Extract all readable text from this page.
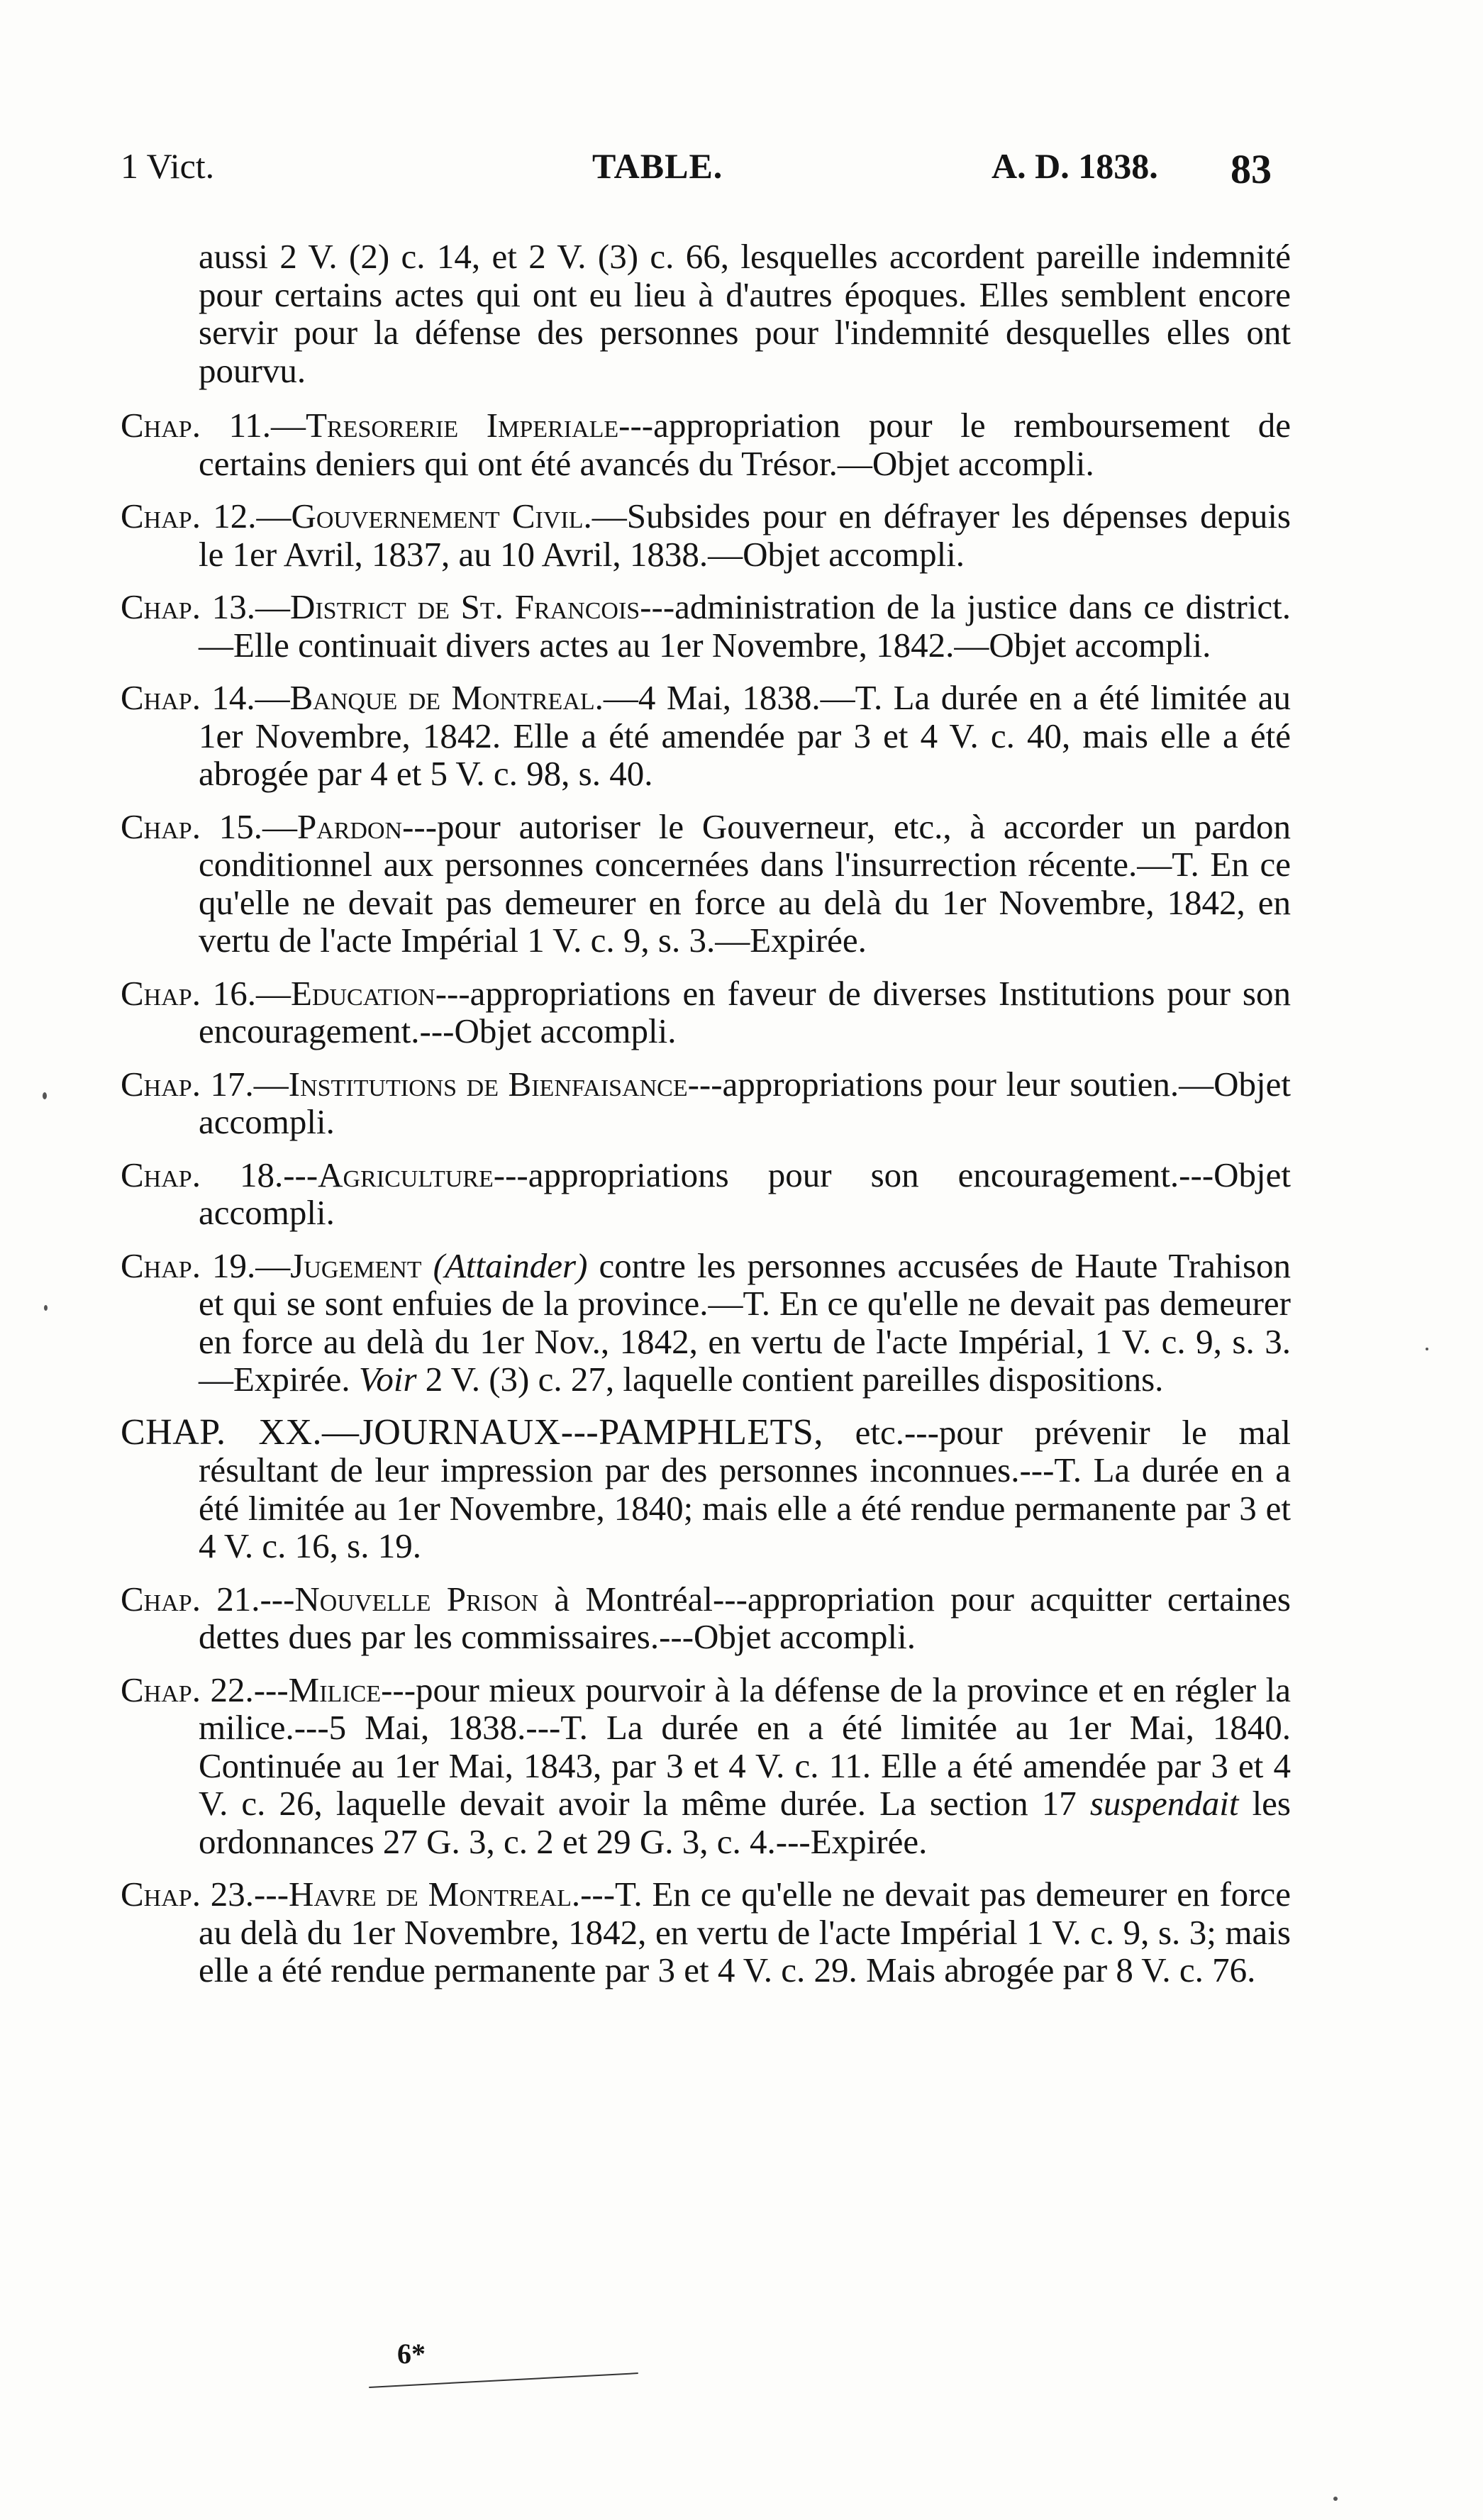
1 Vict.	TABLE.	A. D. 1838. 83
aussi 2 V. (2) c. 14, et 2 V. (3) c. 66, lesquelles accordent pareille indemnité pour certains actes qui ont eu lieu à d'autres époques. Elles semblent encore servir pour la défense des personnes pour l'indemnité desquelles elles ont pourvu.
Chap. 11.—Tresorerie Imperiale---appropriation pour le remboursement de certains deniers qui ont été avancés du Trésor.—Objet accompli.
Chap. 12.—Gouvernement Civil.—Subsides pour en défrayer les dépenses depuis le 1er Avril, 1837, au 10 Avril, 1838.—Objet accompli.
Chap. 13.—District de St. Francois---administration de la justice dans ce district.—Elle continuait divers actes au 1er Novembre, 1842.—Objet accompli.
Chap. 14.—Banque de Montreal.—4 Mai, 1838.—T. La durée en a été limitée au 1er Novembre, 1842. Elle a été amendée par 3 et 4 V. c. 40, mais elle a été abrogée par 4 et 5 V. c. 98, s. 40.
Chap. 15.—Pardon---pour autoriser le Gouverneur, etc., à accorder un pardon conditionnel aux personnes concernées dans l'insurrection récente.—T. En ce qu'elle ne devait pas demeurer en force au delà du 1er Novembre, 1842, en vertu de l'acte Impérial 1 V. c. 9, s. 3.—Expirée.
Chap. 16.—Education---appropriations en faveur de diverses Institutions pour son encouragement.---Objet accompli.
Chap. 17.—Institutions de Bienfaisance---appropriations pour leur soutien.—Objet accompli.
Chap. 18.---Agriculture---appropriations pour son encouragement.---Objet accompli.
Chap. 19.—Jugement (Attainder) contre les personnes accusées de Haute Trahison et qui se sont enfuies de la province.—T. En ce qu'elle ne devait pas demeurer en force au delà du 1er Nov., 1842, en vertu de l'acte Impérial, 1 V. c. 9, s. 3.—Expirée. Voir 2 V. (3) c. 27, laquelle contient pareilles dispositions.
CHAP. XX.—JOURNAUX---PAMPHLETS, etc.---pour prévenir le mal résultant de leur impression par des personnes inconnues.---T. La durée en a été limitée au 1er Novembre, 1840; mais elle a été rendue permanente par 3 et 4 V. c. 16, s. 19.
Chap. 21.---Nouvelle Prison à Montréal---appropriation pour acquitter certaines dettes dues par les commissaires.---Objet accompli.
Chap. 22.---Milice---pour mieux pourvoir à la défense de la province et en régler la milice.---5 Mai, 1838.---T. La durée en a été limitée au 1er Mai, 1840. Continuée au 1er Mai, 1843, par 3 et 4 V. c. 11. Elle a été amendée par 3 et 4 V. c. 26, laquelle devait avoir la même durée. La section 17 suspendait les ordonnances 27 G. 3, c. 2 et 29 G. 3, c. 4.---Expirée.
Chap. 23.---Havre de Montreal.---T. En ce qu'elle ne devait pas demeurer en force au delà du 1er Novembre, 1842, en vertu de l'acte Impérial 1 V. c. 9, s. 3; mais elle a été rendue permanente par 3 et 4 V. c. 29. Mais abrogée par 8 V. c. 76.
6*
